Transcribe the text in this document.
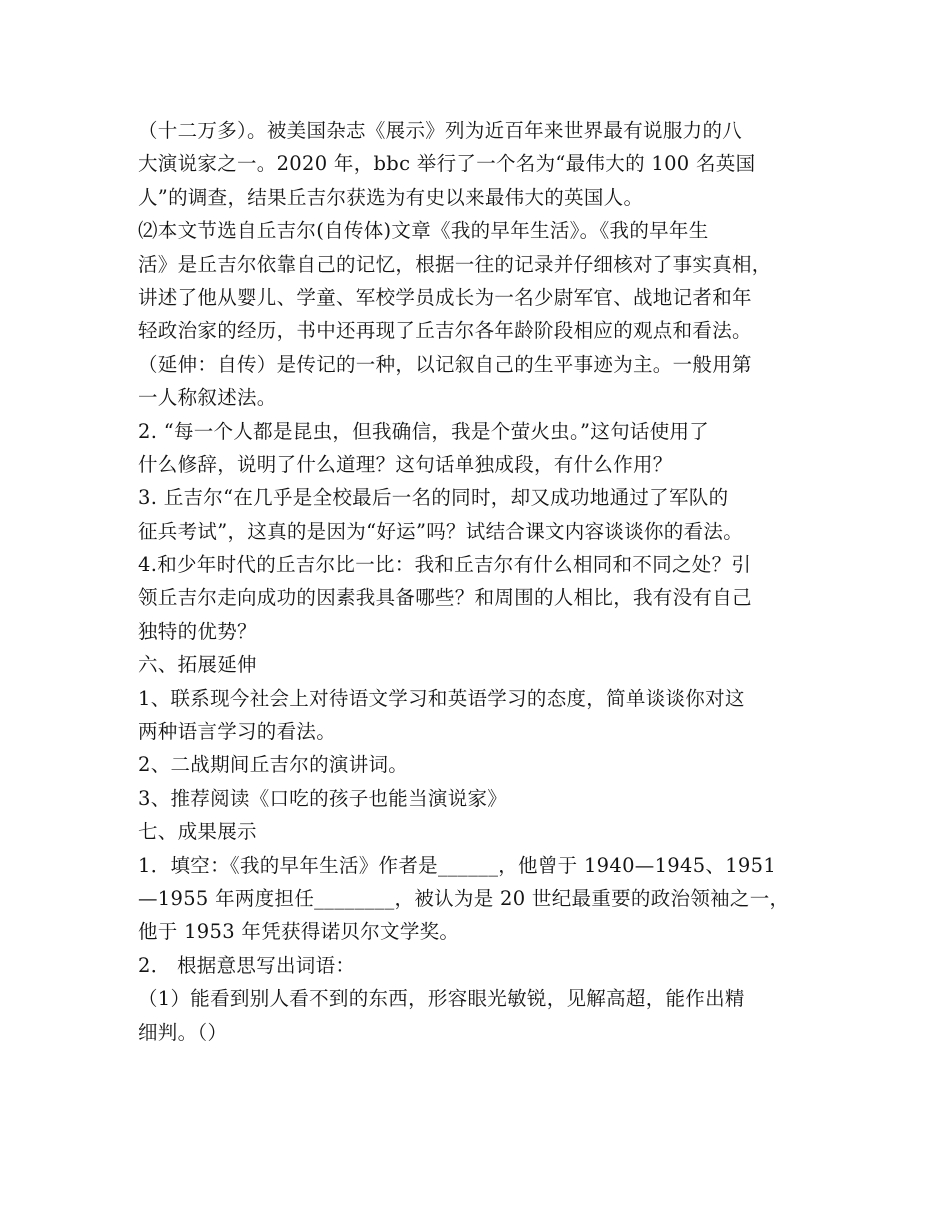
（十二万多）。被美国杂志《展示》列为近百年来世界最有说服力的八
大演说家之一。2020 年，bbc 举行了一个名为“最伟大的 100 名英国
人”的调查，结果丘吉尔获选为有史以来最伟大的英国人。
⑵本文节选自丘吉尔(自传体)文章《我的早年生活》。《我的早年生
活》是丘吉尔依靠自己的记忆，根据一往的记录并仔细核对了事实真相，
讲述了他从婴儿、学童、军校学员成长为一名少尉军官、战地记者和年
轻政治家的经历，书中还再现了丘吉尔各年龄阶段相应的观点和看法。
（延伸：自传）是传记的一种，以记叙自己的生平事迹为主。一般用第
一人称叙述法。
2. “每一个人都是昆虫，但我确信，我是个萤火虫。”这句话使用了
什么修辞，说明了什么道理？这句话单独成段，有什么作用？
3. 丘吉尔“在几乎是全校最后一名的同时，却又成功地通过了军队的
征兵考试”，这真的是因为“好运”吗？试结合课文内容谈谈你的看法。
4.和少年时代的丘吉尔比一比：我和丘吉尔有什么相同和不同之处？引
领丘吉尔走向成功的因素我具备哪些？和周围的人相比，我有没有自己
独特的优势？
六、拓展延伸
1、联系现今社会上对待语文学习和英语学习的态度，简单谈谈你对这
两种语言学习的看法。
2、二战期间丘吉尔的演讲词。
3、推荐阅读《口吃的孩子也能当演说家》
七、成果展示
1．填空：《我的早年生活》作者是______，他曾于 1940—1945、1951
—1955 年两度担任________，被认为是 20 世纪最重要的政治领袖之一，
他于 1953 年凭获得诺贝尔文学奖。
2． 根据意思写出词语：
（1）能看到别人看不到的东西，形容眼光敏锐，见解高超，能作出精
细判。（）
